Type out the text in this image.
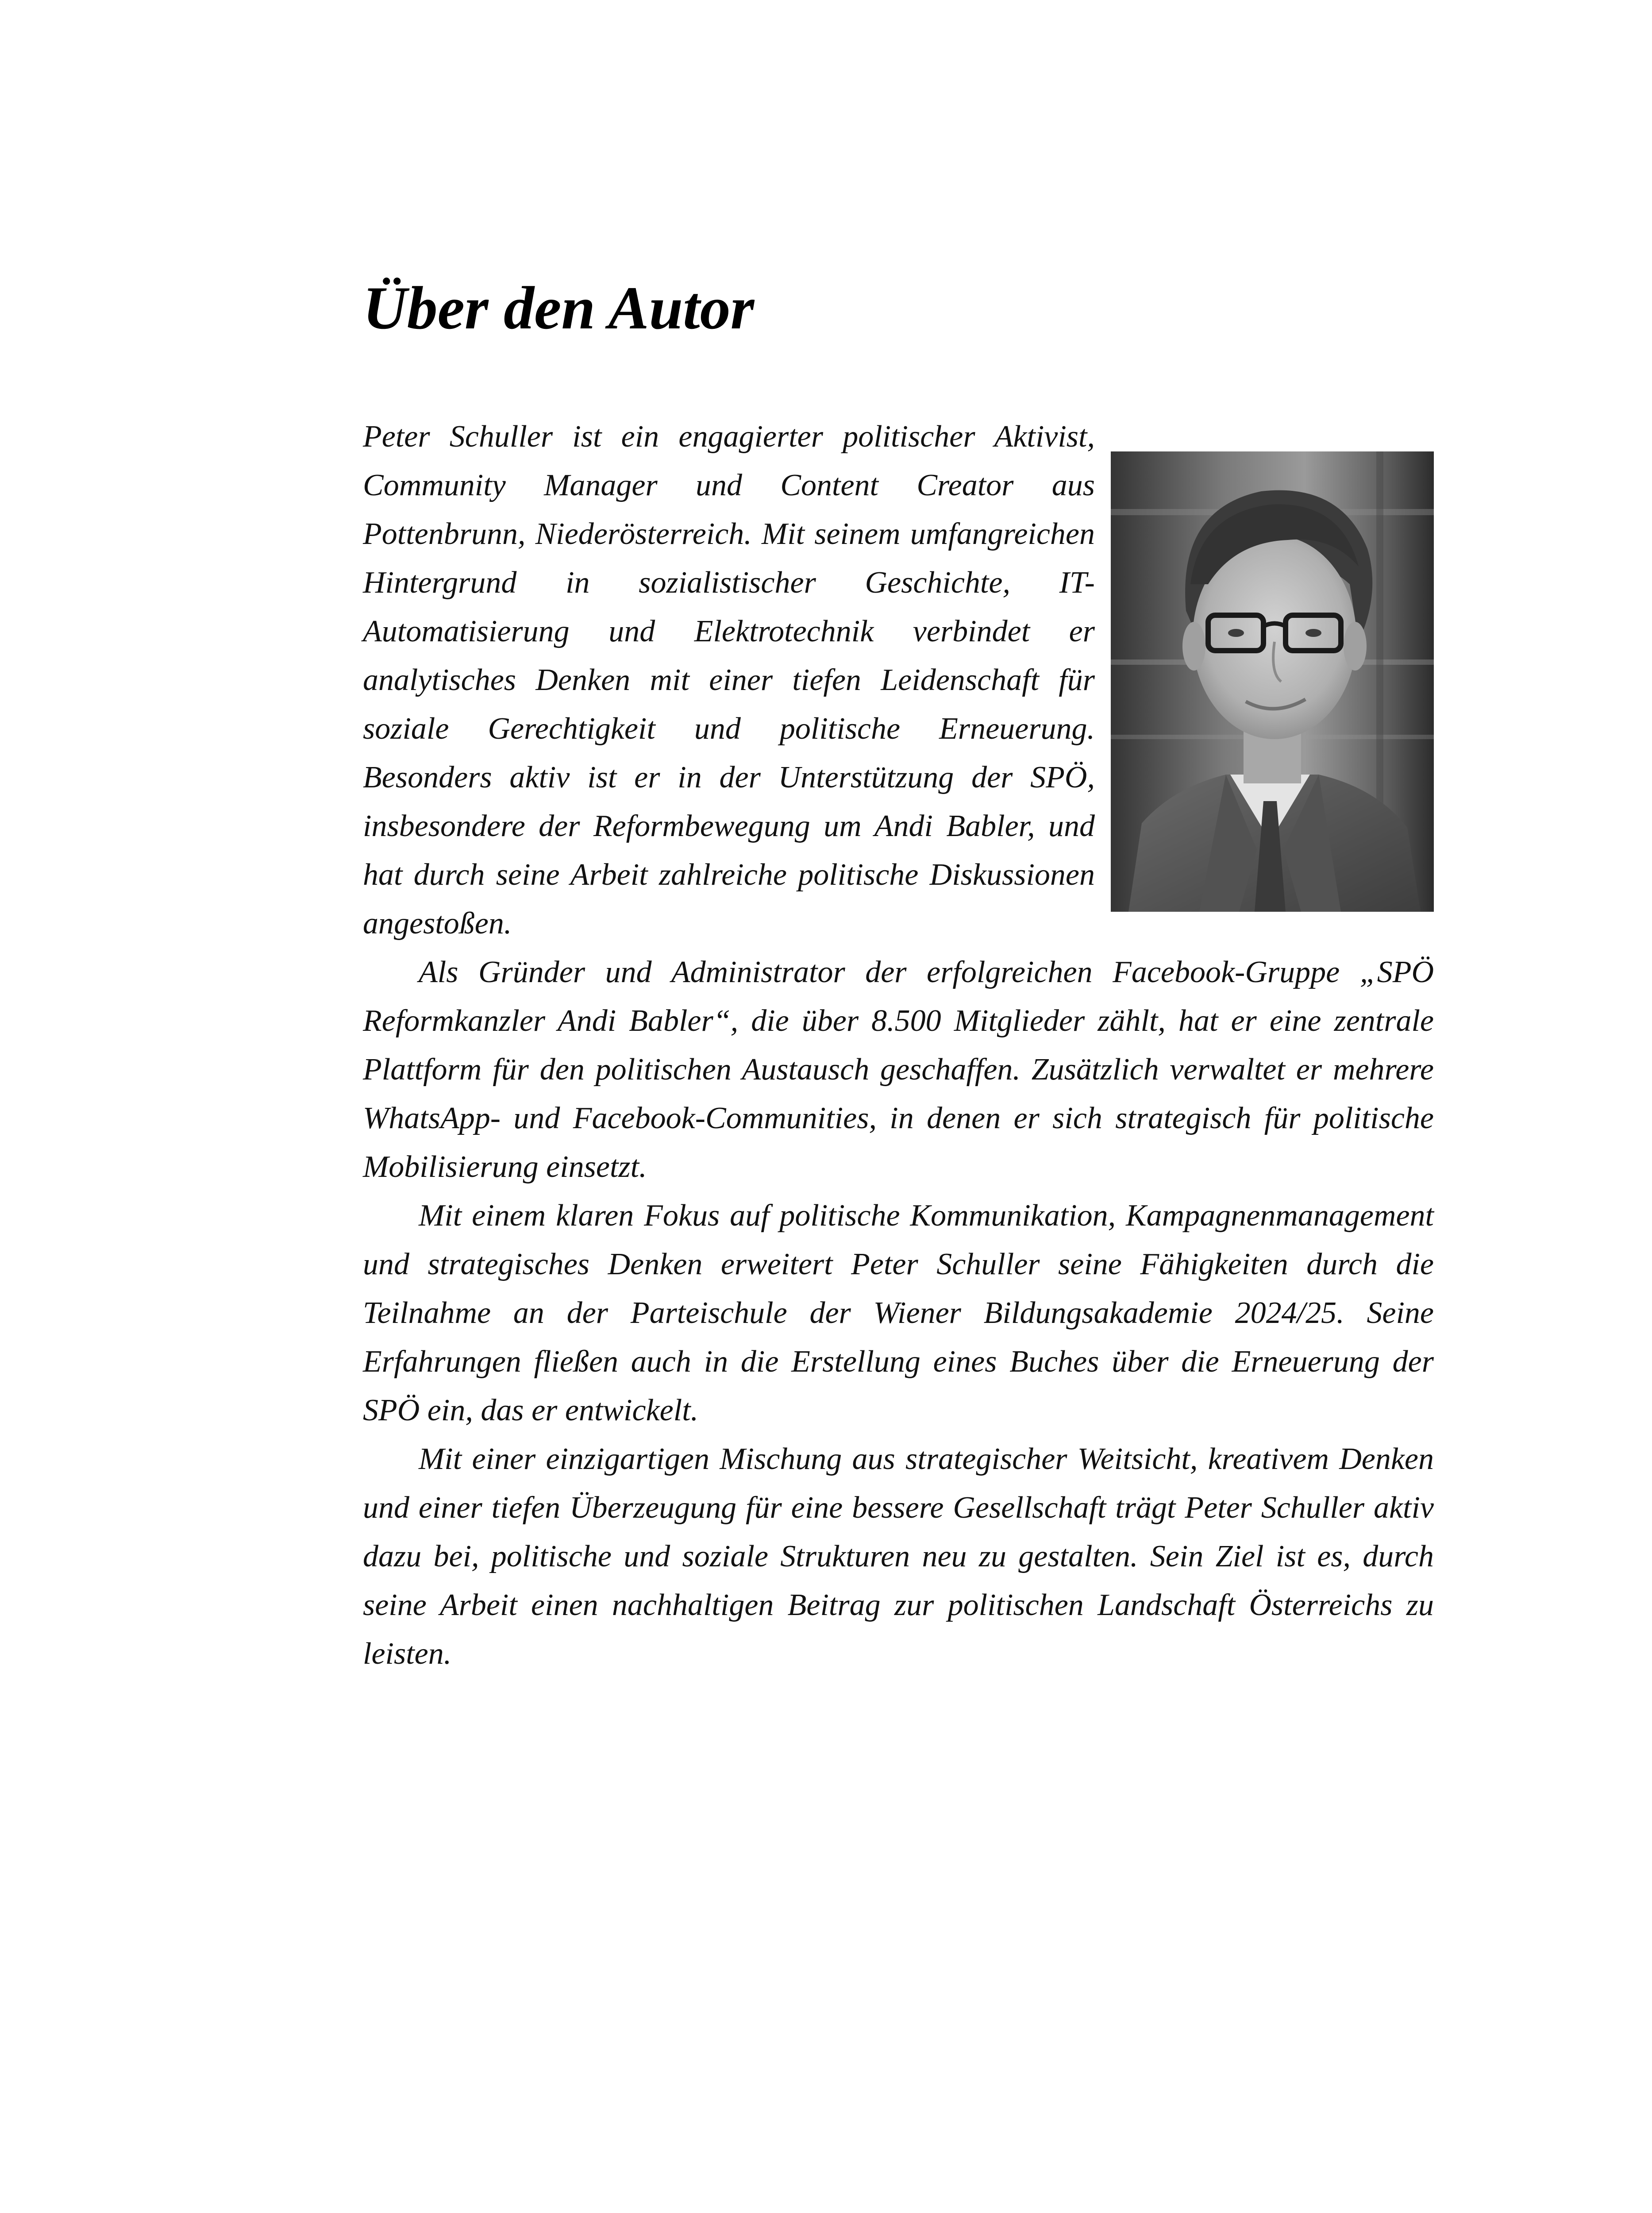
Über den Autor

Peter Schuller ist ein engagierter politischer Aktivist, Community Manager und Content Creator aus Pottenbrunn, Niederösterreich. Mit seinem umfangreichen Hintergrund in sozialistischer Geschichte, IT-Automatisierung und Elektrotechnik verbindet er analytisches Denken mit einer tiefen Leidenschaft für soziale Gerechtigkeit und politische Erneuerung. Besonders aktiv ist er in der Unterstützung der SPÖ, insbesondere der Reformbewegung um Andi Babler, und hat durch seine Arbeit zahlreiche politische Diskussionen angestoßen.

Als Gründer und Administrator der erfolgreichen Facebook-Gruppe „SPÖ Reformkanzler Andi Babler“, die über 8.500 Mitglieder zählt, hat er eine zentrale Plattform für den politischen Austausch geschaffen. Zusätzlich verwaltet er mehrere WhatsApp- und Facebook-Communities, in denen er sich strategisch für politische Mobilisierung einsetzt.

Mit einem klaren Fokus auf politische Kommunikation, Kampagnenmanagement und strategisches Denken erweitert Peter Schuller seine Fähigkeiten durch die Teilnahme an der Parteischule der Wiener Bildungsakademie 2024/25. Seine Erfahrungen fließen auch in die Erstellung eines Buches über die Erneuerung der SPÖ ein, das er entwickelt.

Mit einer einzigartigen Mischung aus strategischer Weitsicht, kreativem Denken und einer tiefen Überzeugung für eine bessere Gesellschaft trägt Peter Schuller aktiv dazu bei, politische und soziale Strukturen neu zu gestalten. Sein Ziel ist es, durch seine Arbeit einen nachhaltigen Beitrag zur politischen Landschaft Österreichs zu leisten.
